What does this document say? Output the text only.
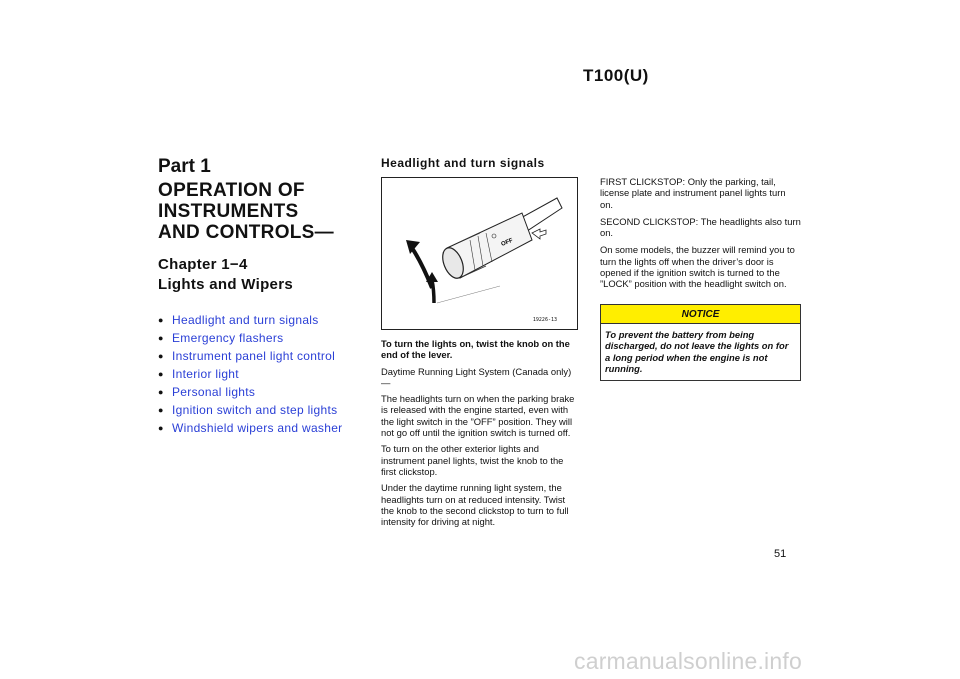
T100(U)
Part 1
OPERATION OF
INSTRUMENTS
AND CONTROLS—
Chapter 1−4
Lights and Wipers
● Headlight and turn signals
● Emergency flashers
● Instrument panel light control
● Interior light
● Personal lights
● Ignition switch and step lights
● Windshield wipers and washer
Headlight and turn signals
OFF
19226-13

To turn the lights on, twist the knob on the end of the lever.

Daytime Running Light System (Canada only)—

The headlights turn on when the parking brake is released with the engine started, even with the light switch in the ”OFF” position. They will not go off until the ignition switch is turned off.

To turn on the other exterior lights and instrument panel lights, twist the knob to the first clickstop.

Under the daytime running light system, the headlights turn on at reduced intensity. Twist the knob to the second clickstop to turn to full intensity for driving at night.

FIRST CLICKSTOP: Only the parking, tail, license plate and instrument panel lights turn on.

SECOND CLICKSTOP: The headlights also turn on.

On some models, the buzzer will remind you to turn the lights off when the driver’s door is opened if the ignition switch is turned to the ”LOCK” position with the headlight switch on.

NOTICE
To prevent the battery from being discharged, do not leave the lights on for a long period when the engine is not running.
51
carmanualsonline.info
